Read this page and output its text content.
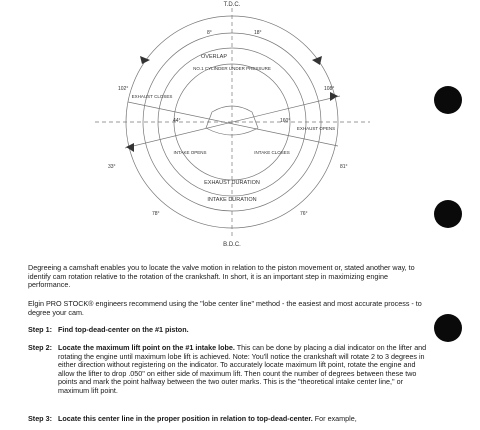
T.D.C.
B.D.C.
OVERLAP
NO.1 CYLINDER UNDER PRESSURE
EXHAUST DURATION
INTAKE DURATION
EXHAUST CLOSES
EXHAUST OPENS
INTAKE OPENS	INTAKE CLOSES
8°	18°
102°	108°
33°	81°
78°	76°
44°	160°

Degreeing a camshaft enables you to locate the valve motion in relation to the piston movement or, stated another way, to identify cam rotation relative to the rotation of the crankshaft. In short, it is an important step in maximizing engine performance.

Elgin PRO STOCK® engineers recommend using the "lobe center line" method - the easiest and most accurate process - to degree your cam.

Step 1: Find top-dead-center on the #1 piston.
Step 2: Locate the maximum lift point on the #1 intake lobe. This can be done by placing a dial indicator on the lifter and rotating the engine until maximum lobe lift is achieved. Note: You'll notice the crankshaft will rotate 2 to 3 degrees in either direction without registering on the indicator. To accurately locate maximum lift point, rotate the engine and allow the lifter to drop .050" on either side of maximum lift. Then count the number of degrees between these two points and mark the point halfway between the two outer marks. This is the "theoretical intake center line," or maximum lift point.
Step 3: Locate this center line in the proper position in relation to top-dead-center. For example,
